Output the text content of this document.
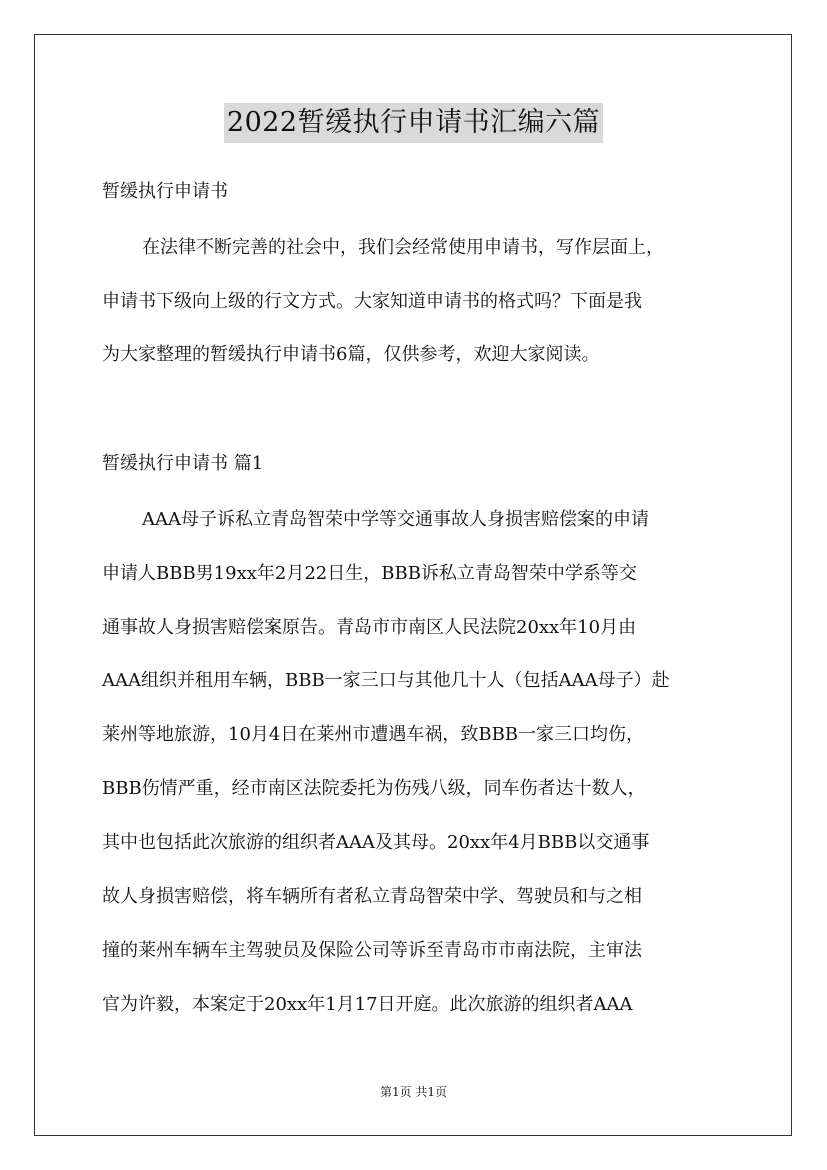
2022暂缓执行申请书汇编六篇
暂缓执行申请书
在法律不断完善的社会中，我们会经常使用申请书，写作层面上，
申请书下级向上级的行文方式。大家知道申请书的格式吗？下面是我
为大家整理的暂缓执行申请书6篇，仅供参考，欢迎大家阅读。
暂缓执行申请书 篇1
AAA母子诉私立青岛智荣中学等交通事故人身损害赔偿案的申请
申请人BBB男19xx年2月22日生，BBB诉私立青岛智荣中学系等交
通事故人身损害赔偿案原告。青岛市市南区人民法院20xx年10月由
AAA组织并租用车辆，BBB一家三口与其他几十人（包括AAA母子）赴
莱州等地旅游，10月4日在莱州市遭遇车祸，致BBB一家三口均伤，
BBB伤情严重，经市南区法院委托为伤残八级，同车伤者达十数人，
其中也包括此次旅游的组织者AAA及其母。20xx年4月BBB以交通事
故人身损害赔偿，将车辆所有者私立青岛智荣中学、驾驶员和与之相
撞的莱州车辆车主驾驶员及保险公司等诉至青岛市市南法院，主审法
官为许毅，本案定于20xx年1月17日开庭。此次旅游的组织者AAA
第1页 共1页
